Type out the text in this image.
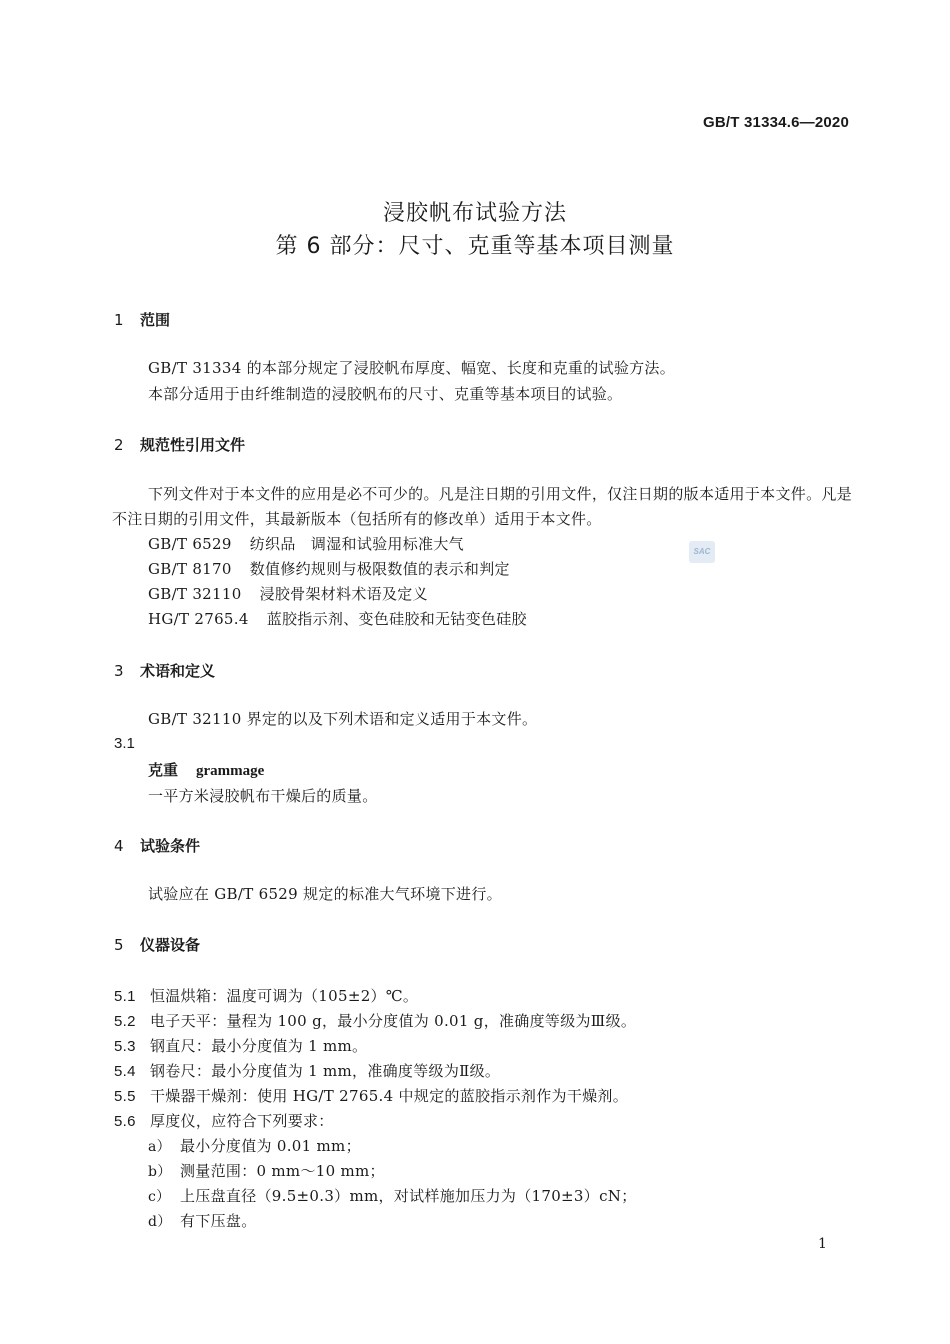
GB/T 31334.6—2020
浸胶帆布试验方法
第 6 部分：尺寸、克重等基本项目测量
1 范围
GB/T 31334 的本部分规定了浸胶帆布厚度、幅宽、长度和克重的试验方法。
本部分适用于由纤维制造的浸胶帆布的尺寸、克重等基本项目的试验。
2 规范性引用文件
下列文件对于本文件的应用是必不可少的。凡是注日期的引用文件，仅注日期的版本适用于本文件。凡是不注日期的引用文件，其最新版本（包括所有的修改单）适用于本文件。
GB/T 6529 纺织品　调湿和试验用标准大气
GB/T 8170 数值修约规则与极限数值的表示和判定
GB/T 32110 浸胶骨架材料术语及定义
HG/T 2765.4 蓝胶指示剂、变色硅胶和无钴变色硅胶
SAC
3 术语和定义
GB/T 32110 界定的以及下列术语和定义适用于本文件。
3.1
克重 grammage
一平方米浸胶帆布干燥后的质量。
4 试验条件
试验应在 GB/T 6529 规定的标准大气环境下进行。
5 仪器设备
5.1 恒温烘箱：温度可调为（105±2）℃。
5.2 电子天平：量程为 100 g，最小分度值为 0.01 g，准确度等级为Ⅲ级。
5.3 钢直尺：最小分度值为 1 mm。
5.4 钢卷尺：最小分度值为 1 mm，准确度等级为Ⅱ级。
5.5 干燥器干燥剂：使用 HG/T 2765.4 中规定的蓝胶指示剂作为干燥剂。
5.6 厚度仪，应符合下列要求：
a） 最小分度值为 0.01 mm；
b） 测量范围：0 mm～10 mm；
c） 上压盘直径（9.5±0.3）mm，对试样施加压力为（170±3）cN；
d） 有下压盘。
1
